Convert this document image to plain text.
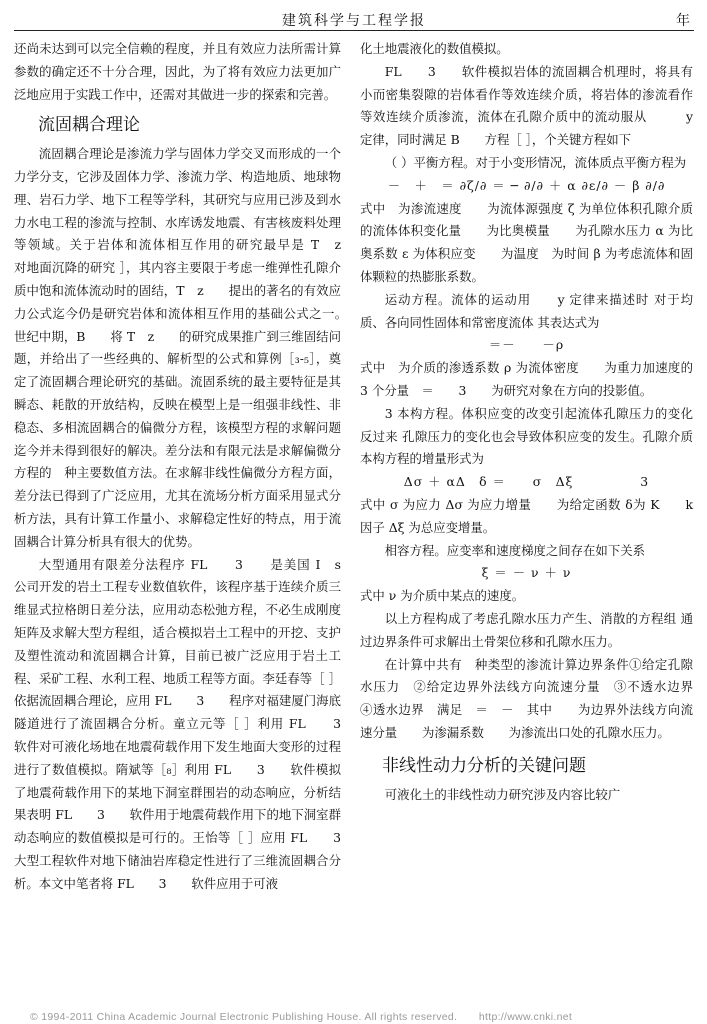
建筑科学与工程学报	年

还尚未达到可以完全信赖的程度，并且有效应力法所需计算参数的确定还不十分合理，因此，为了将有效应力法更加广泛地应用于实践工作中，还需对其做进一步的探索和完善。

流固耦合理论

流固耦合理论是渗流力学与固体力学交叉而形成的一个力学分支，它涉及固体力学、渗流力学、构造地质、地球物理、岩石力学、地下工程等学科，其研究与应用已涉及到水力水电工程的渗流与控制、水库诱发地震、有害核废料处理等领域。关于岩体和流体相互作用的研究最早是 T　z　　对地面沉降的研究 ］，其内容主要限于考虑一维弹性孔隙介质中饱和流体流动时的固结，T　z　　提出的著名的有效应力公式迄今仍是研究岩体和流体相互作用的基础公式之一。　世纪中期，B　　将 T　z　　的研究成果推广到三维固结问题，并给出了一些经典的、解析型的公式和算例［₃-₅］，奠定了流固耦合理论研究的基础。流固系统的最主要特征是其瞬态、耗散的开放结构，反映在模型上是一组强非线性、非稳态、多相流固耦合的偏微分方程，该模型方程的求解问题迄今并未得到很好的解决。差分法和有限元法是求解偏微分方程的　种主要数值方法。在求解非线性偏微分方程方面，差分法已得到了广泛应用，尤其在流场分析方面采用显式分析方法，具有计算工作量小、求解稳定性好的特点，用于流固耦合计算分析具有很大的优势。

大型通用有限差分法程序 FL　　3　　是美国 I　s　　公司开发的岩土工程专业数值软件，该程序基于连续介质三维显式拉格朗日差分法，应用动态松弛方程，不必生成刚度矩阵及求解大型方程组，适合模拟岩土工程中的开挖、支护及塑性流动和流固耦合计算，目前已被广泛应用于岩土工程、采矿工程、水利工程、地质工程等方面。李廷春等［ ］依据流固耦合理论，应用 FL　　3　　程序对福建厦门海底隧道进行了流固耦合分析。童立元等［ ］利用 FL　　3　　软件对可液化场地在地震荷载作用下发生地面大变形的过程进行了数值模拟。隋斌等［₈］利用 FL　　3　　软件模拟了地震荷载作用下的某地下洞室群围岩的动态响应，分析结果表明 FL　　3　　软件用于地震荷载作用下的地下洞室群动态响应的数值模拟是可行的。王怡等［ ］应用 FL　　3　　大型工程软件对地下储油岩库稳定性进行了三维流固耦合分析。本文中笔者将 FL　　3　　软件应用于可液

化土地震液化的数值模拟。

FL　　3　　软件模拟岩体的流固耦合机理时，将具有小而密集裂隙的岩体看作等效连续介质，将岩体的渗流看作等效连续介质渗流，流体在孔隙介质中的流动服从　　　y 定律，同时满足 B　　方程［ ］，个关键方程如下

（ ）平衡方程。对于小变形情况，流体质点平衡方程为

－　＋　＝ ∂ζ/∂ ＝ ─ ∂/∂ ＋ α ∂ε/∂ － β ∂/∂

式中　为渗流速度　　为流体源强度 ζ 为单位体积孔隙介质的流体体积变化量　　为比奥模量　　为孔隙水压力 α 为比奥系数 ε 为体积应变　　为温度　为时间 β 为考虑流体和固体颗粒的热膨胀系数。

运动方程。流体的运动用　　y 定律来描述时 对于均质、各向同性固体和常密度流体 其表达式为

＝－　　－ρ

式中　为介质的渗透系数 ρ 为流体密度　　为重力加速度的 3 个分量　＝　　3　　为研究对象在方向的投影值。

3 本构方程。体积应变的改变引起流体孔隙压力的变化 反过来 孔隙压力的变化也会导致体积应变的发生。孔隙介质本构方程的增量形式为

Δσ ＋ αΔ　δ ＝　　σ　Δξ　　　　　3

式中 σ 为应力 Δσ 为应力增量　　为给定函数 δ为 K　　k　因子 Δξ 为总应变增量。

相容方程。应变率和速度梯度之间存在如下关系

ξ ＝ － ν ＋ ν

式中 ν 为介质中某点的速度。

以上方程构成了考虑孔隙水压力产生、消散的方程组 通过边界条件可求解出土骨架位移和孔隙水压力。

在计算中共有　种类型的渗流计算边界条件①给定孔隙水压力　②给定边界外法线方向流速分量　③不透水边界　④透水边界　满足　＝　－　其中　　为边界外法线方向流速分量　　为渗漏系数　　为渗流出口处的孔隙水压力。

非线性动力分析的关键问题

可液化土的非线性动力研究涉及内容比较广

© 1994-2011 China Academic Journal Electronic Publishing House. All rights reserved.　　http://www.cnki.net
